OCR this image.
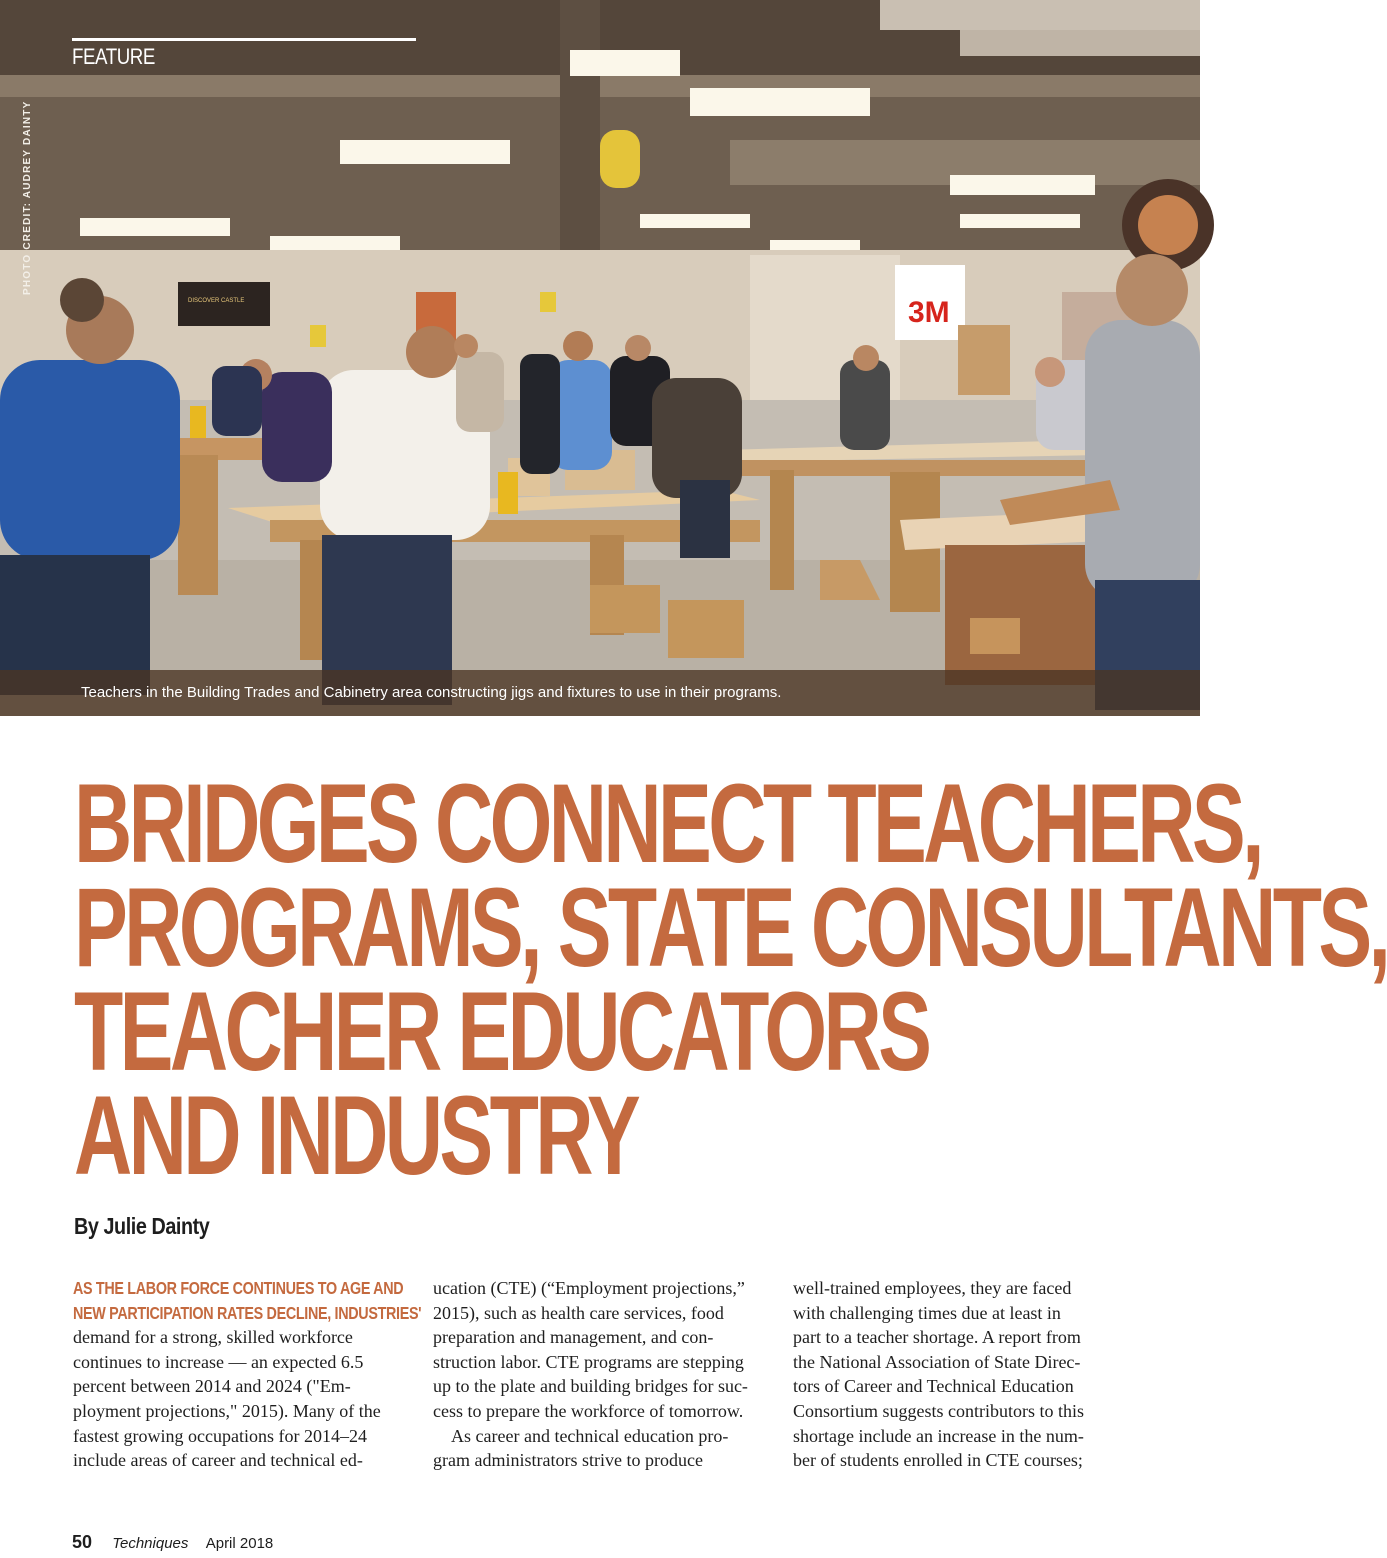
3M
DISCOVER CASTLE
FEATURE
PHOTO CREDIT: AUDREY DAINTY
Teachers in the Building Trades and Cabinetry area constructing jigs and fixtures to use in their programs.
BRIDGES CONNECT TEACHERS,
PROGRAMS, STATE CONSULTANTS,
TEACHER EDUCATORS
AND INDUSTRY
By Julie Dainty
AS THE LABOR FORCE CONTINUES TO AGE AND
NEW PARTICIPATION RATES DECLINE, INDUSTRIES'
demand for a strong, skilled workforce
continues to increase — an expected 6.5
percent between 2014 and 2024 ("Em-
ployment projections," 2015). Many of the
fastest growing occupations for 2014–24
include areas of career and technical ed-
ucation (CTE) (“Employment projections,”
2015), such as health care services, food
preparation and management, and con-
struction labor. CTE programs are stepping
up to the plate and building bridges for suc-
cess to prepare the workforce of tomorrow.
As career and technical education pro-
gram administrators strive to produce
well-trained employees, they are faced
with challenging times due at least in
part to a teacher shortage. A report from
the National Association of State Direc-
tors of Career and Technical Education
Consortium suggests contributors to this
shortage include an increase in the num-
ber of students enrolled in CTE courses;
50 Techniques April 2018
